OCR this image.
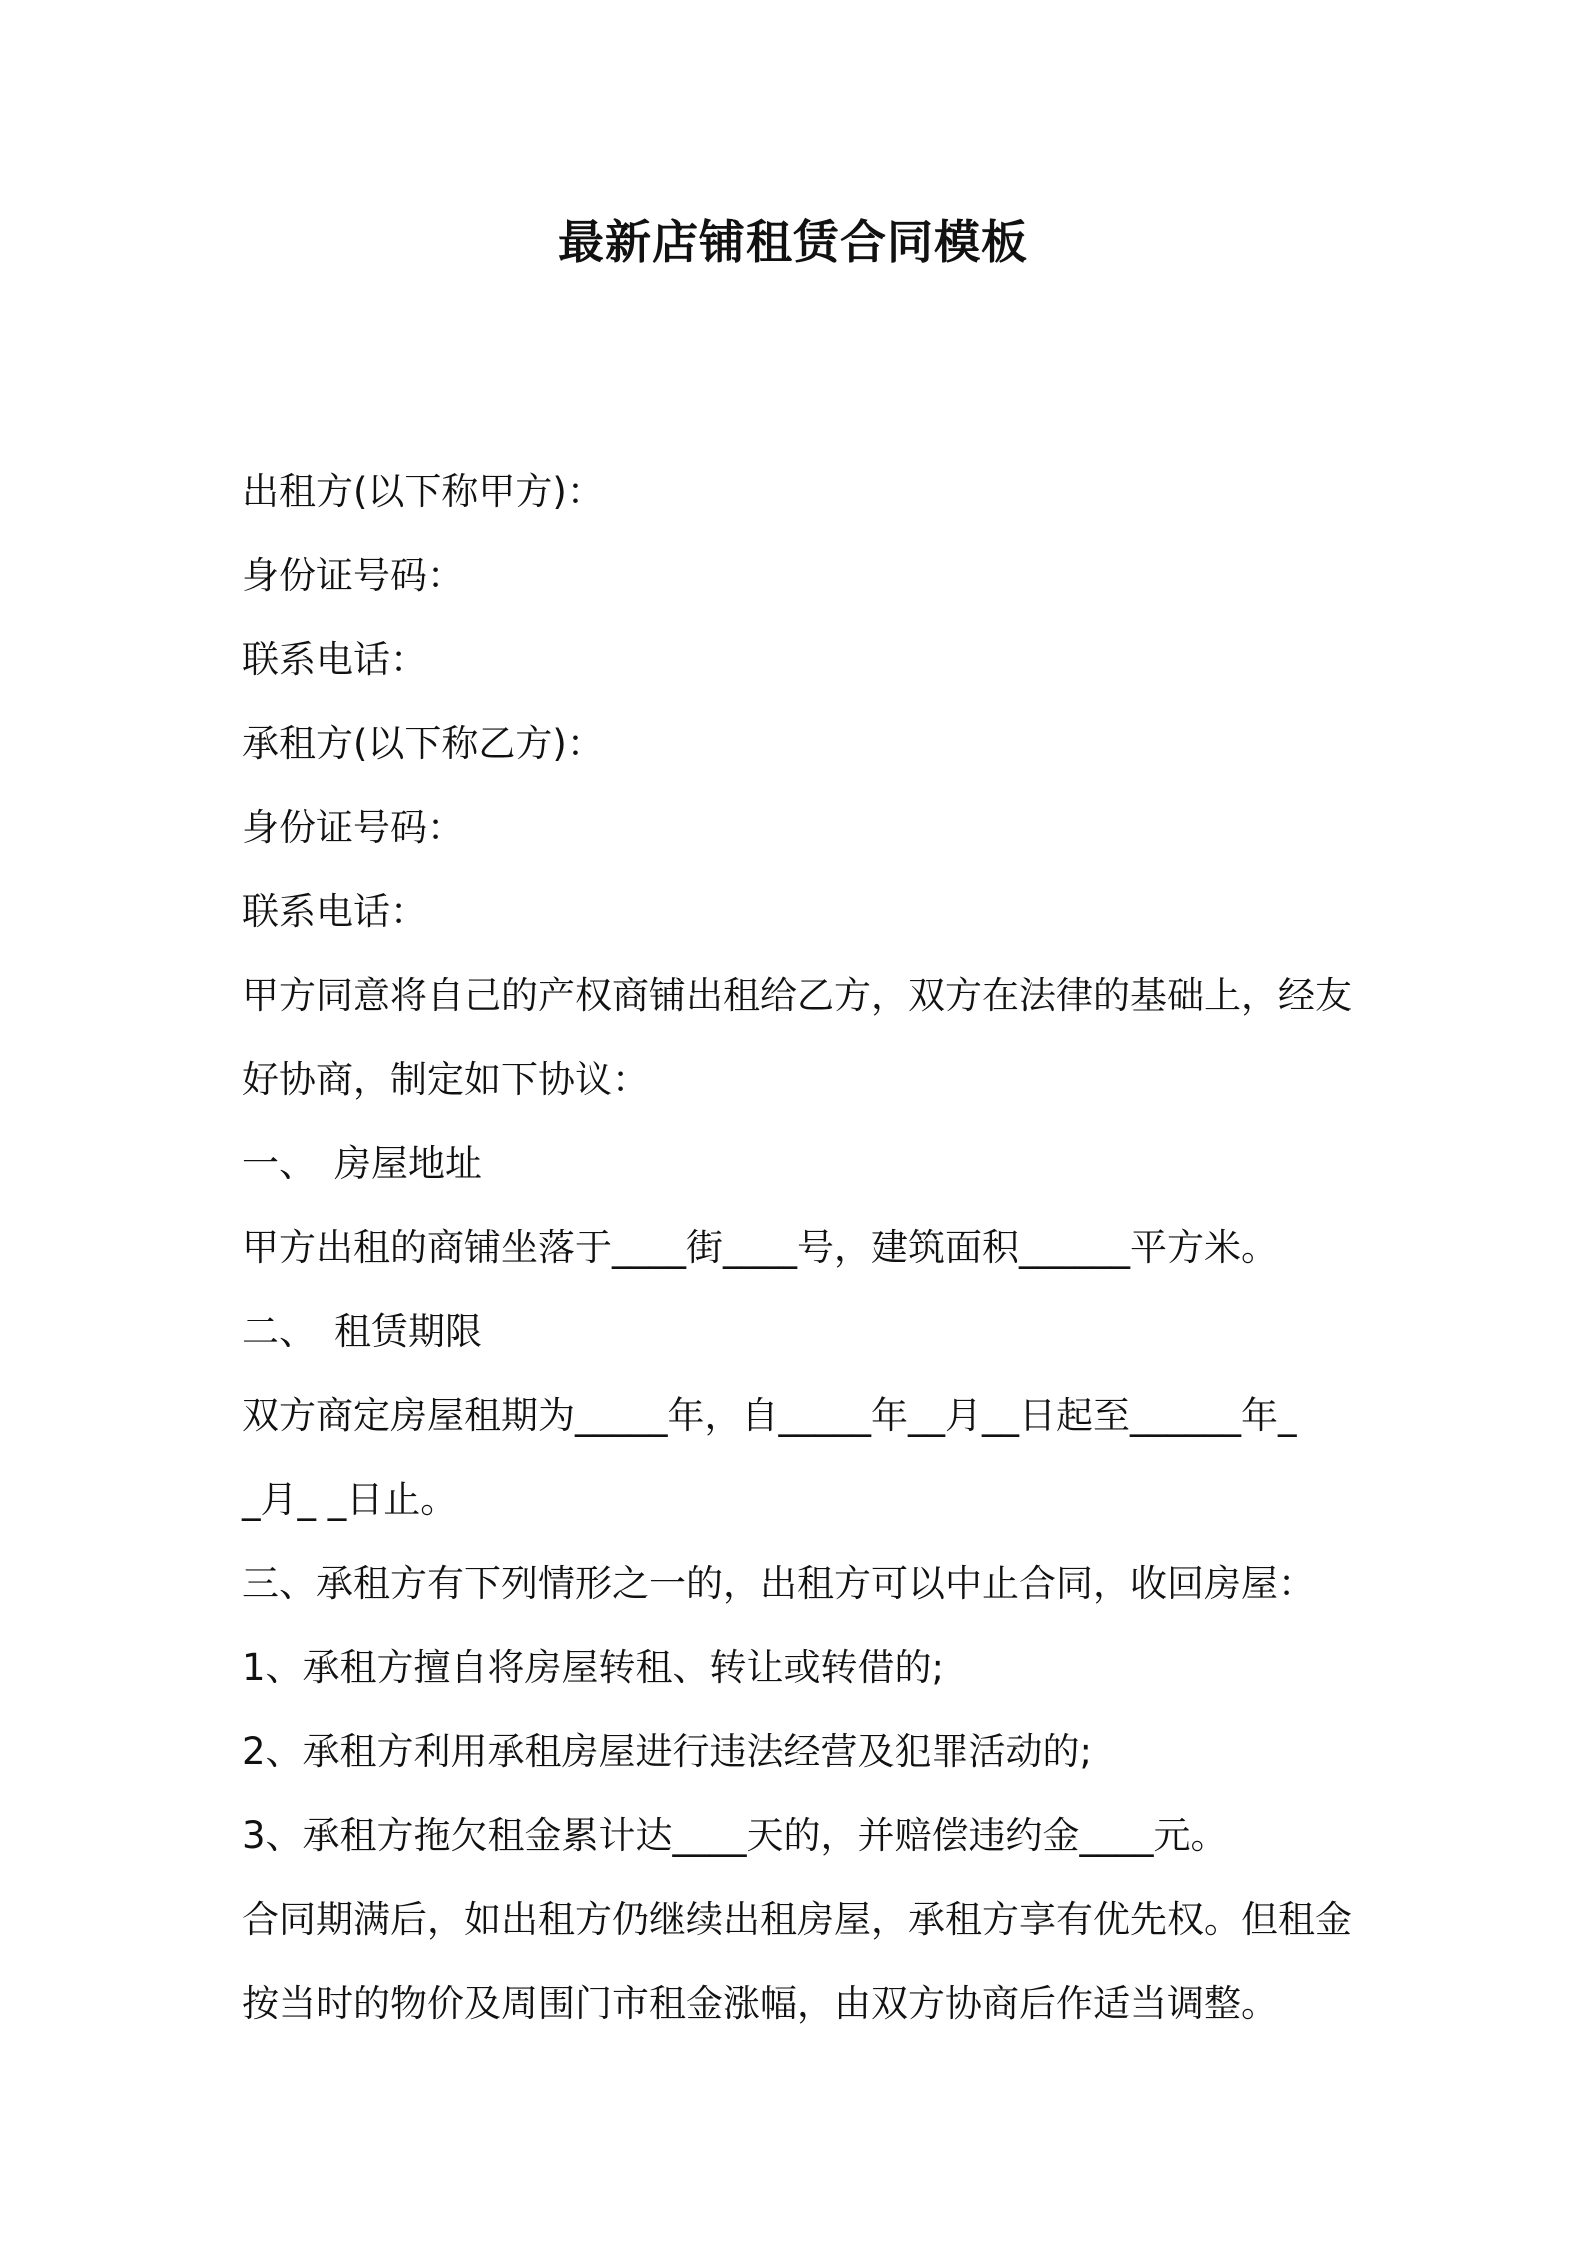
最新店铺租赁合同模板
出租方(以下称甲方)：
身份证号码：
联系电话：
承租方(以下称乙方)：
身份证号码：
联系电话：
甲方同意将自己的产权商铺出租给乙方，双方在法律的基础上，经友
好协商，制定如下协议：
一、 房屋地址
甲方出租的商铺坐落于____街____号，建筑面积______平方米。
二、 租赁期限
双方商定房屋租期为_____年，自_____年__月__日起至______年_
_月_ _日止。
三、承租方有下列情形之一的，出租方可以中止合同，收回房屋：
1、承租方擅自将房屋转租、转让或转借的;
2、承租方利用承租房屋进行违法经营及犯罪活动的;
3、承租方拖欠租金累计达____天的，并赔偿违约金____元。
合同期满后，如出租方仍继续出租房屋，承租方享有优先权。但租金
按当时的物价及周围门市租金涨幅，由双方协商后作适当调整。
